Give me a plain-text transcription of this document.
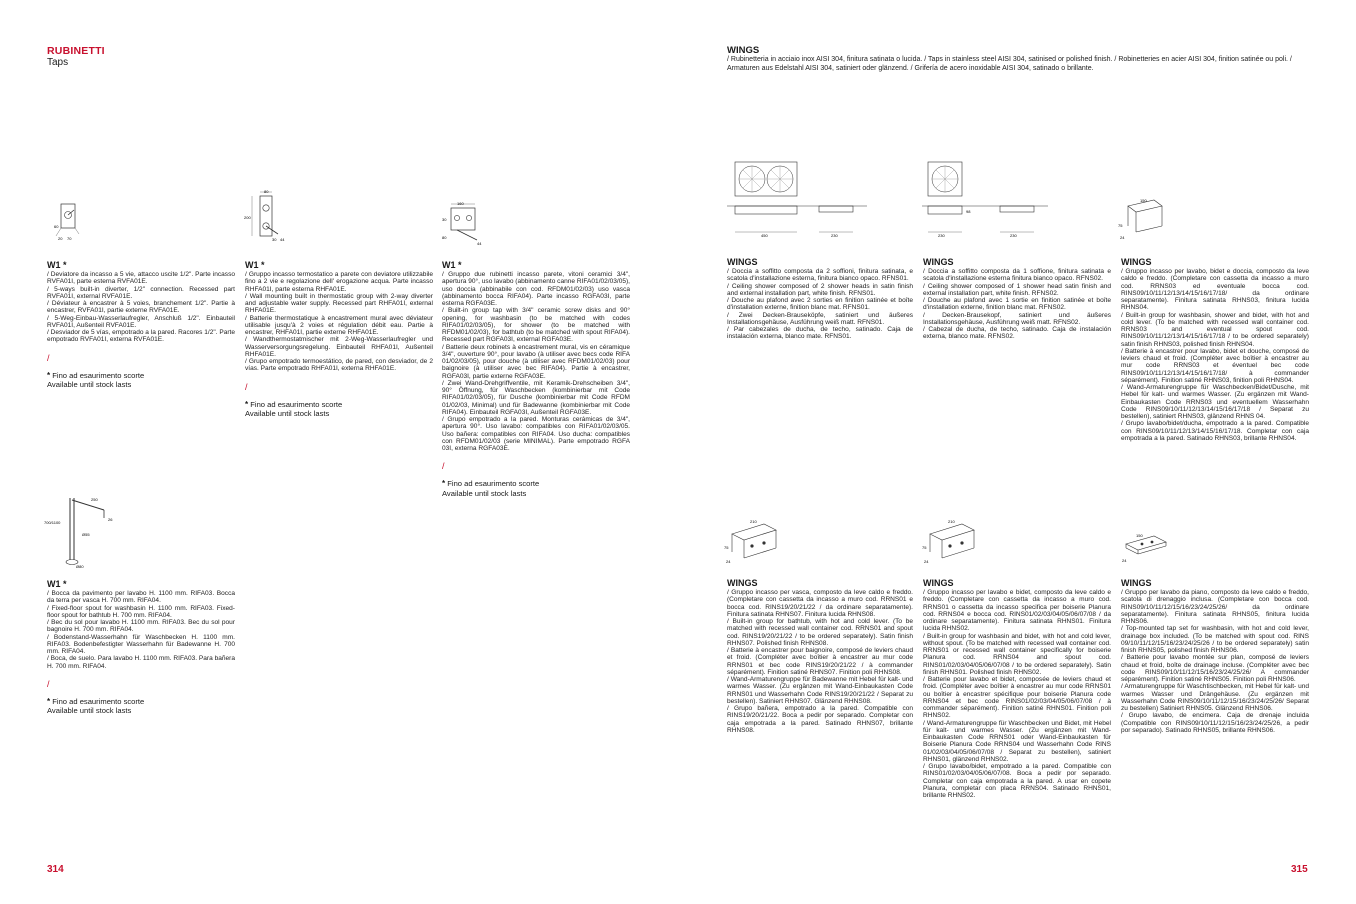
RUBINETTI
Taps
WINGS
/ Rubinetteria in acciaio inox AISI 304, finitura satinata o lucida. / Taps in stainless steel AISI 304, satinised or polished finish. / Robinetteries en acier AISI 304, finition satinée ou poli. / Armaturen aus Edelstahl AISI 304, satiniert oder glänzend. / Grifería de acero inoxidable AISI 304, satinado o brillante.
60
20 70
80
200
30 44
160
30
80
44
250
700/1100
Ø55
Ø80
26
450	230	230	230
98
150
75
24
210
75
24
210
75
24
150
24
W1 *
/ Deviatore da incasso a 5 vie, attacco uscite 1/2". Parte incasso RVFA01I, parte esterna RVFA01E.
/ 5-ways built-in diverter, 1/2" connection. Recessed part RVFA01I, external RVFA01E.
/ Déviateur à encastrer à 5 voies, branchement 1/2". Partie à encastrer, RVFA01I, partie externe RVFA01E.
/ 5-Weg-Einbau-Wasserlaufregler, Anschluß 1/2". Einbauteil RVFA01I, Außenteil RVFA01E.
/ Desviador de 5 vías, empotrado a la pared. Racores 1/2". Parte empotrado RVFA01I, externa RVFA01E.
/
* Fino ad esaurimento scorte
Available until stock lasts
W1 *
/ Gruppo incasso termostatico a parete con deviatore utilizzabile fino a 2 vie e regolazione dell' erogazione acqua. Parte incasso RHFA01I, parte esterna RHFA01E.
/ Wall mounting built in thermostatic group with 2-way diverter and adjustable water supply. Recessed part RHFA01I, external RHFA01E.
/ Batterie thermostatique à encastrement mural avec déviateur utilisable jusqu'à 2 voies et régulation débit eau. Partie à encastrer, RHFA01I, partie externe RHFA01E.
/ Wandthermostatmischer mit 2-Weg-Wasserlaufregler und Wasserversorgungsregelung. Einbauteil RHFA01I, Außenteil RHFA01E.
/ Grupo empotrado termoestático, de pared, con desviador, de 2 vías. Parte empotrado RHFA01I, externa RHFA01E.
/
* Fino ad esaurimento scorte
Available until stock lasts
W1 *
/ Gruppo due rubinetti incasso parete, vitoni ceramici 3/4", apertura 90°, uso lavabo (abbinamento canne RIFA01/02/03/05), uso doccia (abbinabile con cod. RFDM01/02/03) uso vasca (abbinamento bocca RIFA04). Parte incasso RGFA03I, parte esterna RGFA03E.
/ Built-in group tap with 3/4" ceramic screw disks and 90° opening, for washbasin (to be matched with codes RIFA01/02/03/05), for shower (to be matched with RFDM01/02/03), for bathtub (to be matched with spout RIFA04). Recessed part RGFA03I, external RGFA03E.
/ Batterie deux robinets à encastrement mural, vis en céramique 3/4", ouverture 90°, pour lavabo (à utiliser avec becs code RIFA 01/02/03/05), pour douche (à utiliser avec RFDM01/02/03) pour baignoire (à utiliser avec bec RIFA04). Partie à encastrer, RGFA03I, partie externe RGFA03E.
/ Zwei Wand-Drehgriffventile, mit Keramik-Drehscheiben 3/4", 90° Öffnung, für Waschbecken (kombinierbar mit Code RIFA01/02/03/05), für Dusche (kombinierbar mit Code RFDM 01/02/03, Minimal) und für Badewanne (kombinierbar mit Code RIFA04). Einbauteil RGFA03I, Außenteil RGFA03E.
/ Grupo empotrado a la pared. Monturas cerámicas de 3/4", apertura 90°. Uso lavabo: compatibles con RIFA01/02/03/05. Uso bañera: compatibles con RIFA04. Uso ducha: compatibles con RFDM01/02/03 (serie MINIMAL). Parte empotrado RGFA 03I, externa RGFA03E.
/
* Fino ad esaurimento scorte
Available until stock lasts
W1 *
/ Bocca da pavimento per lavabo H. 1100 mm. RIFA03. Bocca da terra per vasca H. 700 mm. RIFA04.
/ Fixed-floor spout for washbasin H. 1100 mm. RIFA03. Fixed-floor spout for bathtub H. 700 mm. RIFA04.
/ Bec du sol pour lavabo H. 1100 mm. RIFA03. Bec du sol pour bagnoire H. 700 mm. RIFA04.
/ Bodenstand-Wasserhahn für Waschbecken H. 1100 mm. RIFA03. Bodenbefestigter Wasserhahn für Badewanne H. 700 mm. RIFA04.
/ Boca, de suelo. Para lavabo H. 1100 mm. RIFA03. Para bañera H. 700 mm. RIFA04.
/
* Fino ad esaurimento scorte
Available until stock lasts
WINGS
/ Doccia a soffitto composta da 2 soffioni, finitura satinata, e scatola d'installazione esterna, finitura bianco opaco. RFNS01.
/ Ceiling shower composed of 2 shower heads in satin finish and external installation part, white finish. RFNS01.
/ Douche au plafond avec 2 sorties en finition satinée et boîte d'installation externe, finition blanc mat. RFNS01.
/ Zwei Decken-Brauseköpfe, satiniert und äußeres Installationsgehäuse, Ausführung weiß matt. RFNS01.
/ Par cabezales de ducha, de techo, satinado. Caja de instalación externa, blanco mate. RFNS01.
WINGS
/ Doccia a soffitto composta da 1 soffione, finitura satinata e scatola d'installazione esterna finitura bianco opaco. RFNS02.
/ Ceiling shower composed of 1 shower head satin finish and external installation part, white finish. RFNS02.
/ Douche au plafond avec 1 sortie en finition satinée et boîte d'installation externe, finition blanc mat. RFNS02.
/ Decken-Brausekopf, satiniert und äußeres Installationsgehäuse, Ausführung weiß matt. RFNS02.
/ Cabezal de ducha, de techo, satinado. Caja de instalación externa, blanco mate. RFNS02.
WINGS
/ Gruppo incasso per lavabo, bidet e doccia, composto da leve caldo e freddo. (Completare con cassetta da incasso a muro cod. RRNS03 ed eventuale bocca cod. RINS09/10/11/12/13/14/15/16/17/18/ da ordinare separatamente). Finitura satinata RHNS03, finitura lucida RHNS04.
/ Built-in group for washbasin, shower and bidet, with hot and cold lever. (To be matched with recessed wall container cod. RRNS03 and eventual spout cod. RINS09/10/11/12/13/14/15/16/17/18 / to be ordered separately) satin finish RHNS03, polished finish RHNS04.
/ Batterie à encastrer pour lavabo, bidet et douche, composé de leviers chaud et froid. (Compléter avec boîtier à encastrer au mur code RRNS03 et éventuel bec code RINS09/10/11/12/13/14/15/16/17/18/ à commander séparément). Finition satiné RHNS03, finition poli RHNS04.
/ Wand-Armaturengruppe für Waschbecken/Bidet/Dusche, mit Hebel für kalt- und warmes Wasser. (Zu ergänzen mit Wand-Einbaukasten Code RRNS03 und eventuellem Wasserhahn Code RINS09/10/11/12/13/14/15/16/17/18 / Separat zu bestellen), satiniert RHNS03, glänzend RHNS 04.
/ Grupo lavabo/bidet/ducha, empotrado a la pared. Compatible con RINS09/10/11/12/13/14/15/16/17/18. Completar con caja empotrada a la pared. Satinado RHNS03, brillante RHNS04.
WINGS
/ Gruppo incasso per vasca, composto da leve caldo e freddo. (Completare con cassetta da incasso a muro cod. RRNS01 e bocca cod. RINS19/20/21/22 / da ordinare separatamente). Finitura satinata RHNS07. Finitura lucida RHNS08.
/ Built-in group for bathtub, with hot and cold lever. (To be matched with recessed wall container cod. RRNS01 and spout cod. RINS19/20/21/22 / to be ordered separately). Satin finish RHNS07. Polished finish RHNS08.
/ Batterie à encastrer pour baignoire, composé de leviers chaud et froid. (Compléter avec boîtier à encastrer au mur code RRNS01 et bec code RINS19/20/21/22 / à commander séparément). Finition satiné RHNS07. Finition poli RHNS08.
/ Wand-Armaturengruppe für Badewanne mit Hebel für kalt- und warmes Wasser. (Zu ergänzen mit Wand-Einbaukasten Code RRNS01 und Wasserhahn Code RINS19/20/21/22 / Separat zu bestellen). Satiniert RHNS07. Glänzend RHNS08.
/ Grupo bañera, empotrado a la pared. Compatible con RINS19/20/21/22. Boca a pedir por separado. Completar con caja empotrada a la pared. Satinado RHNS07, brillante RHNS08.
WINGS
/ Gruppo incasso per lavabo e bidet, composto da leve caldo e freddo. (Completare con cassetta da incasso a muro cod. RRNS01 o cassetta da incasso specifica per boiserie Planura cod. RRNS04 e bocca cod. RINS01/02/03/04/05/06/07/08 / da ordinare separatamente). Finitura satinata RHNS01. Finitura lucida RHNS02.
/ Built-in group for washbasin and bidet, with hot and cold lever, without spout. (To be matched with recessed wall container cod. RRNS01 or recessed wall container specifically for boiserie Planura cod. RRNS04 and spout cod. RINS01/02/03/04/05/06/07/08 / to be ordered separately). Satin finish RHNS01. Polished finish RHNS02.
/ Batterie pour lavabo et bidet, composée de leviers chaud et froid. (Compléter avec boîtier à encastrer au mur code RRNS01 ou boîtier à encastrer spécifique pour boiserie Planura code RRNS04 et bec code RINS01/02/03/04/05/06/07/08 / à commander séparément). Finition satiné RHNS01. Finition poli RHNS02.
/ Wand-Armaturengruppe für Waschbecken und Bidet, mit Hebel für kalt- und warmes Wasser. (Zu ergänzen mit Wand-Einbaukasten Code RRNS01 oder Wand-Einbaukasten für Boiserie Planura Code RRNS04 und Wasserhahn Code RINS 01/02/03/04/05/06/07/08 / Separat zu bestellen), satiniert RHNS01, glänzend RHNS02.
/ Grupo lavabo/bidet, empotrado a la pared. Compatible con RINS01/02/03/04/05/06/07/08. Boca a pedir por separado. Completar con caja empotrada a la pared. A usar en copete Planura, completar con placa RRNS04. Satinado RHNS01, brillante RHNS02.
WINGS
/ Gruppo per lavabo da piano, composto da leve caldo e freddo, scatola di drenaggio inclusa. (Completare con bocca cod. RINS09/10/11/12/15/16/23/24/25/26/ da ordinare separatamente). Finitura satinata RHNS05, finitura lucida RHNS06.
/ Top-mounted tap set for washbasin, with hot and cold lever, drainage box included. (To be matched with spout cod. RINS 09/10/11/12/15/16/23/24/25/26 / to be ordered separately) satin finish RHNS05, polished finish RHNS06.
/ Batterie pour lavabo montée sur plan, composé de leviers chaud et froid, boîte de drainage incluse. (Compléter avec bec code RINS09/10/11/12/15/16/23/24/25/26/ A commander séparément). Finition satiné RHNS05. Finition poli RHNS06.
/ Armaturengruppe für Waschtischbecken, mit Hebel für kalt- und warmes Wasser und Drängehäuse. (Zu ergänzen mit Wasserhahn Code RINS09/10/11/12/15/16/23/24/25/26/ Separat zu bestellen) Satiniert RHNS05. Glänzend RHNS06.
/ Grupo lavabo, de encimera. Caja de drenaje incluida (Compatible con RINS09/10/11/12/15/16/23/24/25/26, a pedir por separado). Satinado RHNS05, brillante RHNS06.
314	315
